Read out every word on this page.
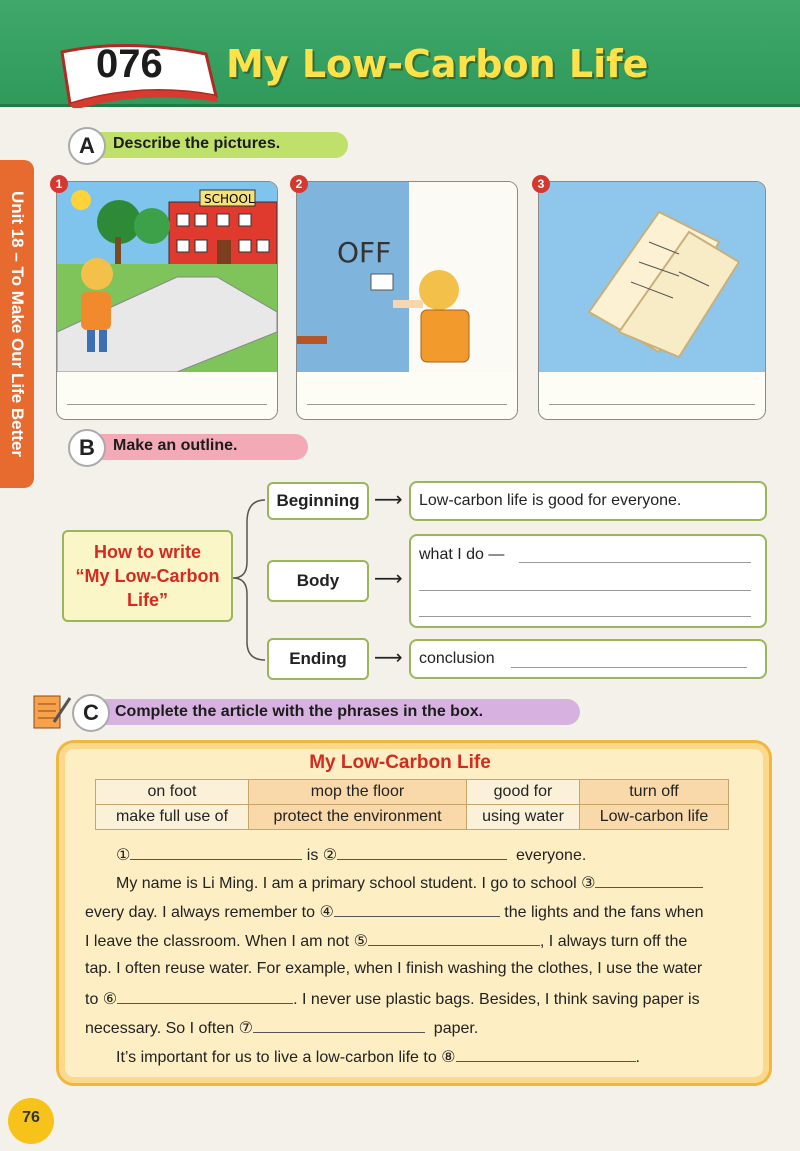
076 My Low-Carbon Life
Unit 18 – To Make Our Life Better
A	Describe the pictures.
SCHOOL
1
OFF
2	3
B	Make an outline.
How to write
“My Low-Carbon
Life”
Beginning ⟶ Low-carbon life is good for everyone.
Body	⟶
what I do —
Ending	⟶ conclusion
C	Complete the article with the phrases in the box.
My Low-Carbon Life
on foot	mop the floor	good for	turn off
make full use of	protect the environment	using water	Low-carbon life
①	is ②	everyone.
My name is Li Ming. I am a primary school student. I go to school ③
every day. I always remember to ④	the lights and the fans when
I leave the classroom. When I am not ⑤	, I always turn off the
tap. I often reuse water. For example, when I finish washing the clothes, I use the water
to ⑥	. I never use plastic bags. Besides, I think saving paper is
necessary. So I often ⑦	paper.
It’s important for us to live a low-carbon life to ⑧	.
76
